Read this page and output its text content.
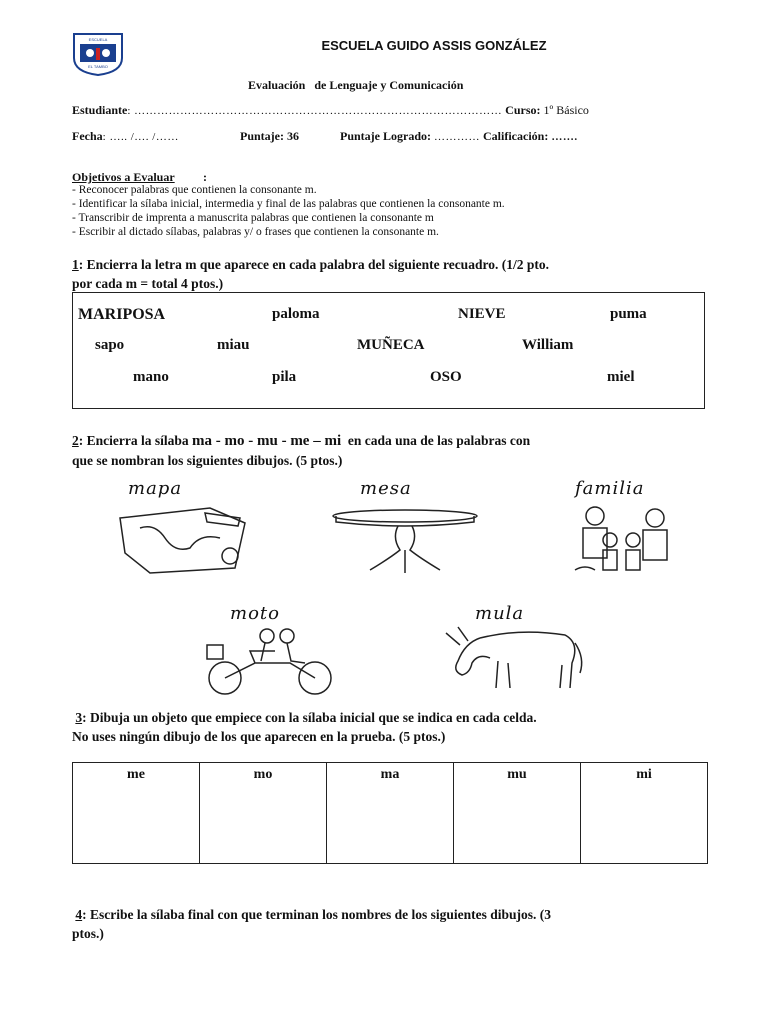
ESCUELA
EL TAMBO
ESCUELA GUIDO ASSIS GONZÁLEZ
Evaluación de Lenguaje y Comunicación
Estudiante: …………………………………………………………………………………… Curso: 1º Básico
Fecha: ….. /…. /……	Puntaje: 36	Puntaje Logrado: ………… Calificación: …….
Objetivos a Evaluar :
- Reconocer palabras que contienen la consonante m.
- Identificar la sílaba inicial, intermedia y final de las palabras que contienen la consonante m.
- Transcribir de imprenta a manuscrita palabras que contienen la consonante m
- Escribir al dictado sílabas, palabras y/ o frases que contienen la consonante m.
1: Encierra la letra m que aparece en cada palabra del siguiente recuadro. (1/2 pto.
por cada m = total 4 ptos.)
MARIPOSA	paloma	NIEVE	puma
sapo	miau	MUÑECA	William
mano	pila	OSO	miel
2: Encierra la sílaba ma - mo - mu - me – mi en cada una de las palabras con
que se nombran los siguientes dibujos. (5 ptos.)
mapa	mesa	familia
moto	mula
3: Dibuja un objeto que empiece con la sílaba inicial que se indica en cada celda.
No uses ningún dibujo de los que aparecen en la prueba. (5 ptos.)
me	mo	ma	mu	mi
4: Escribe la sílaba final con que terminan los nombres de los siguientes dibujos. (3
ptos.)
